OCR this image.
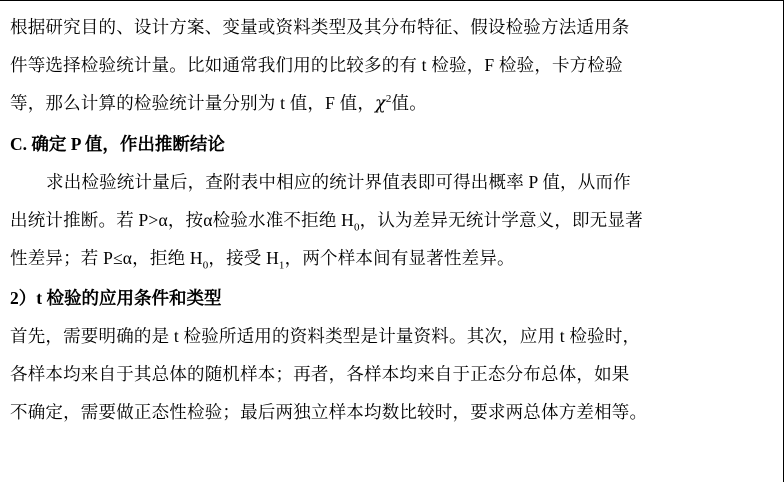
根据研究目的、设计方案、变量或资料类型及其分布特征、假设检验方法适用条
件等选择检验统计量。比如通常我们用的比较多的有 t 检验，F 检验，卡方检验
等，那么计算的检验统计量分别为 t 值，F 值，$\chi^2$值。
C. 确定 P 值，作出推断结论
求出检验统计量后，查附表中相应的统计界值表即可得出概率 P 值，从而作
出统计推断。若 P>α，按α检验水准不拒绝 $H_0$，认为差异无统计学意义，即无显著
性差异；若 P≤α，拒绝 $H_0$，接受 $H_1$，两个样本间有显著性差异。
2）t 检验的应用条件和类型
首先，需要明确的是 t 检验所适用的资料类型是计量资料。其次，应用 t 检验时，
各样本均来自于其总体的随机样本；再者，各样本均来自于正态分布总体，如果
不确定，需要做正态性检验；最后两独立样本均数比较时，要求两总体方差相等。
